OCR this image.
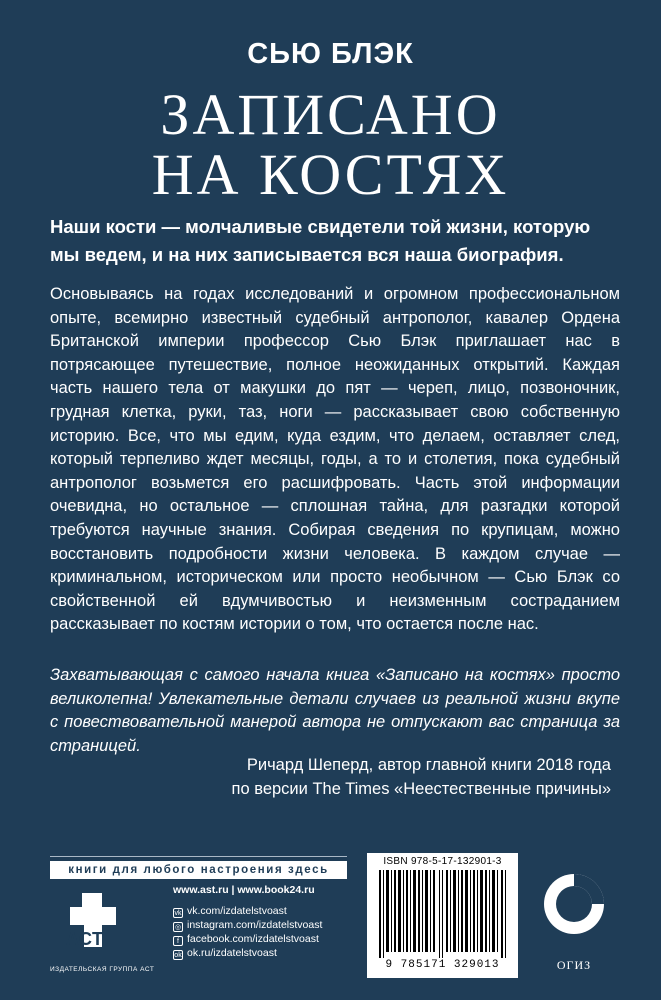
СЬЮ БЛЭК
ЗАПИСАНО
НА КОСТЯХ
Наши кости — молчаливые свидетели той жизни, которую мы ведем, и на них записывается вся наша биография.

Основываясь на годах исследований и огромном профессиональном опыте, всемирно известный судебный антрополог, кавалер Ордена Британской империи профессор Сью Блэк приглашает нас в потрясающее путешествие, полное неожиданных открытий. Каждая часть нашего тела от макушки до пят — череп, лицо, позвоночник, грудная клетка, руки, таз, ноги — рассказывает свою собственную историю. Все, что мы едим, куда ездим, что делаем, оставляет след, который терпеливо ждет месяцы, годы, а то и столетия, пока судебный антрополог возьмется его расшифровать. Часть этой информации очевидна, но остальное — сплошная тайна, для разгадки которой требуются научные знания. Собирая сведения по крупицам, можно восстановить подробности жизни человека. В каждом случае — криминальном, историческом или просто необычном — Сью Блэк со свойственной ей вдумчивостью и неизменным состраданием рассказывает по костям истории о том, что остается после нас.

Захватывающая с самого начала книга «Записано на костях» просто великолепна! Увлекательные детали случаев из реальной жизни вкупе с повествовательной манерой автора не отпускают вас страница за страницей.
Ричард Шеперд, автор главной книги 2018 года
по версии The Times «Неестественные причины»
книги для любого настроения здесь
ACT
ИЗДАТЕЛЬСКАЯ ГРУППА АСТ
www.ast.ru | www.book24.ru
vk vk.com/izdatelstvoast
◎ instagram.com/izdatelstvoast
f facebook.com/izdatelstvoast
ok ok.ru/izdatelstvoast
ISBN 978-5-17-132901-3
9 785171 329013	ОГИЗ
